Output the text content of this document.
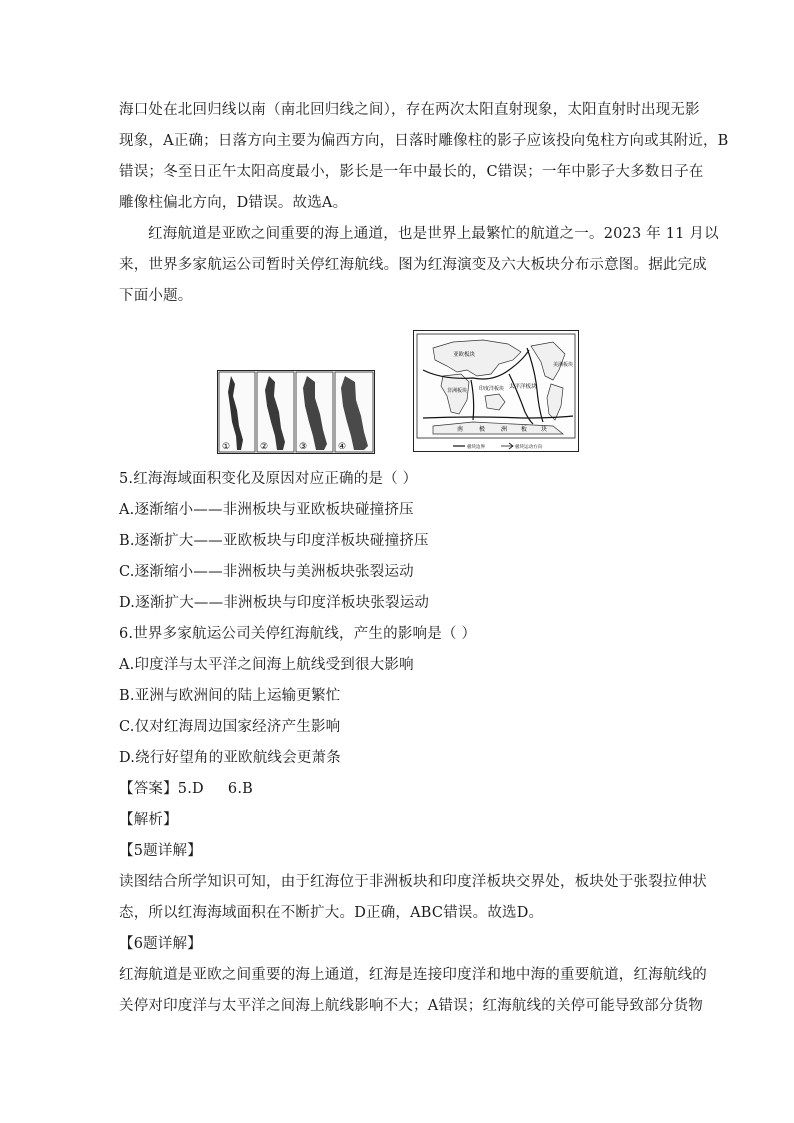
海口处在北回归线以南（南北回归线之间），存在两次太阳直射现象，太阳直射时出现无影
现象，A正确；日落方向主要为偏西方向，日落时雕像柱的影子应该投向兔柱方向或其附近，B
错误；冬至日正午太阳高度最小，影长是一年中最长的，C错误；一年中影子大多数日子在
雕像柱偏北方向，D错误。故选A。
红海航道是亚欧之间重要的海上通道，也是世界上最繁忙的航道之一。2023 年 11 月以
来，世界多家航运公司暂时关停红海航线。图为红海演变及六大板块分布示意图。据此完成
下面小题。
①	②	③	④
亚欧板块
太平洋板块
非洲板块 印度洋板块
美洲板块
南	极	洲 板 块
板块边界	板块运动方向
5.红海海域面积变化及原因对应正确的是（ ）
A.逐渐缩小——非洲板块与亚欧板块碰撞挤压
B.逐渐扩大——亚欧板块与印度洋板块碰撞挤压
C.逐渐缩小——非洲板块与美洲板块张裂运动
D.逐渐扩大——非洲板块与印度洋板块张裂运动
6.世界多家航运公司关停红海航线，产生的影响是（ ）
A.印度洋与太平洋之间海上航线受到很大影响
B.亚洲与欧洲间的陆上运输更繁忙
C.仅对红海周边国家经济产生影响
D.绕行好望角的亚欧航线会更萧条
【答案】5.D     6.B
【解析】
【5题详解】
读图结合所学知识可知，由于红海位于非洲板块和印度洋板块交界处，板块处于张裂拉伸状
态，所以红海海域面积在不断扩大。D正确，ABC错误。故选D。
【6题详解】
红海航道是亚欧之间重要的海上通道，红海是连接印度洋和地中海的重要航道，红海航线的
关停对印度洋与太平洋之间海上航线影响不大；A错误；红海航线的关停可能导致部分货物
